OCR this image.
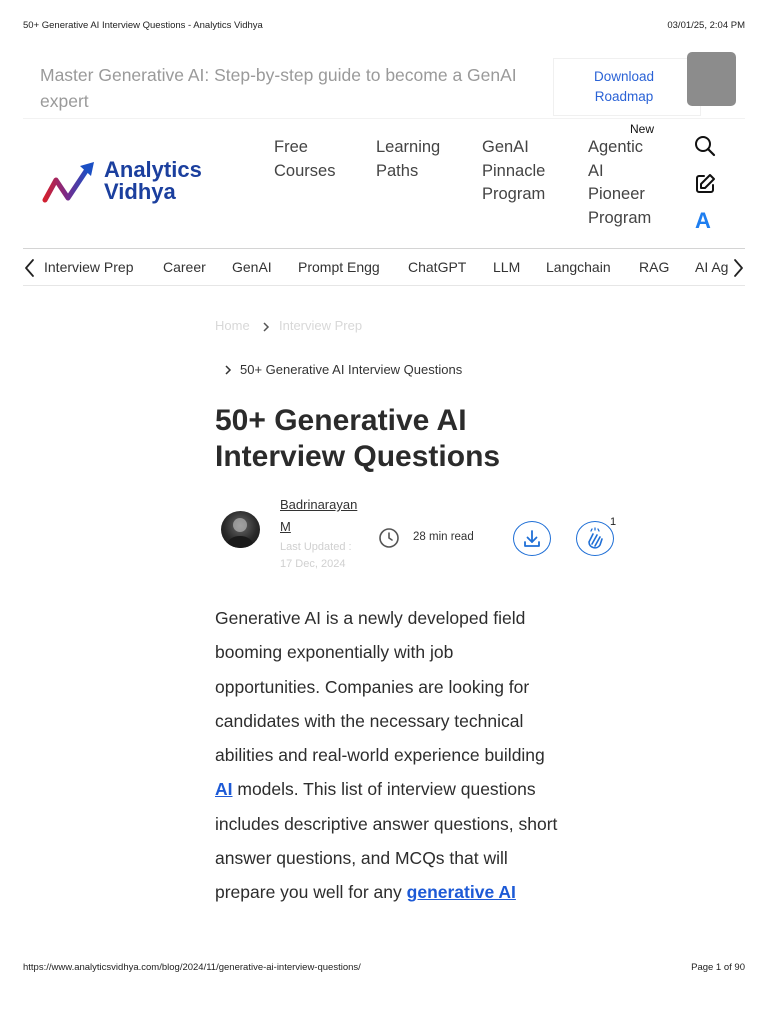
50+ Generative AI Interview Questions - Analytics Vidhya	03/01/25, 2:04 PM
https://www.analyticsvidhya.com/blog/2024/11/generative-ai-interview-questions/	Page 1 of 90
Master Generative AI: Step-by-step guide to become a GenAI expert
Download
Roadmap
Analytics
Vidhya
Free
Courses
Learning
Paths
GenAI
Pinnacle
Program
Agentic
AI
Pioneer
Program
New
A
Interview Prep Career GenAI Prompt Engg ChatGPT LLM Langchain RAG AI Ag
Home Interview Prep
50+ Generative AI Interview Questions
50+ Generative AI
Interview Questions
Badrinarayan
M
Last Updated :
17 Dec, 2024
28 min read
1

Generative AI is a newly developed field booming exponentially with job opportunities. Companies are looking for candidates with the necessary technical abilities and real-world experience building AI models. This list of interview questions includes descriptive answer questions, short answer questions, and MCQs that will prepare you well for any generative AI
